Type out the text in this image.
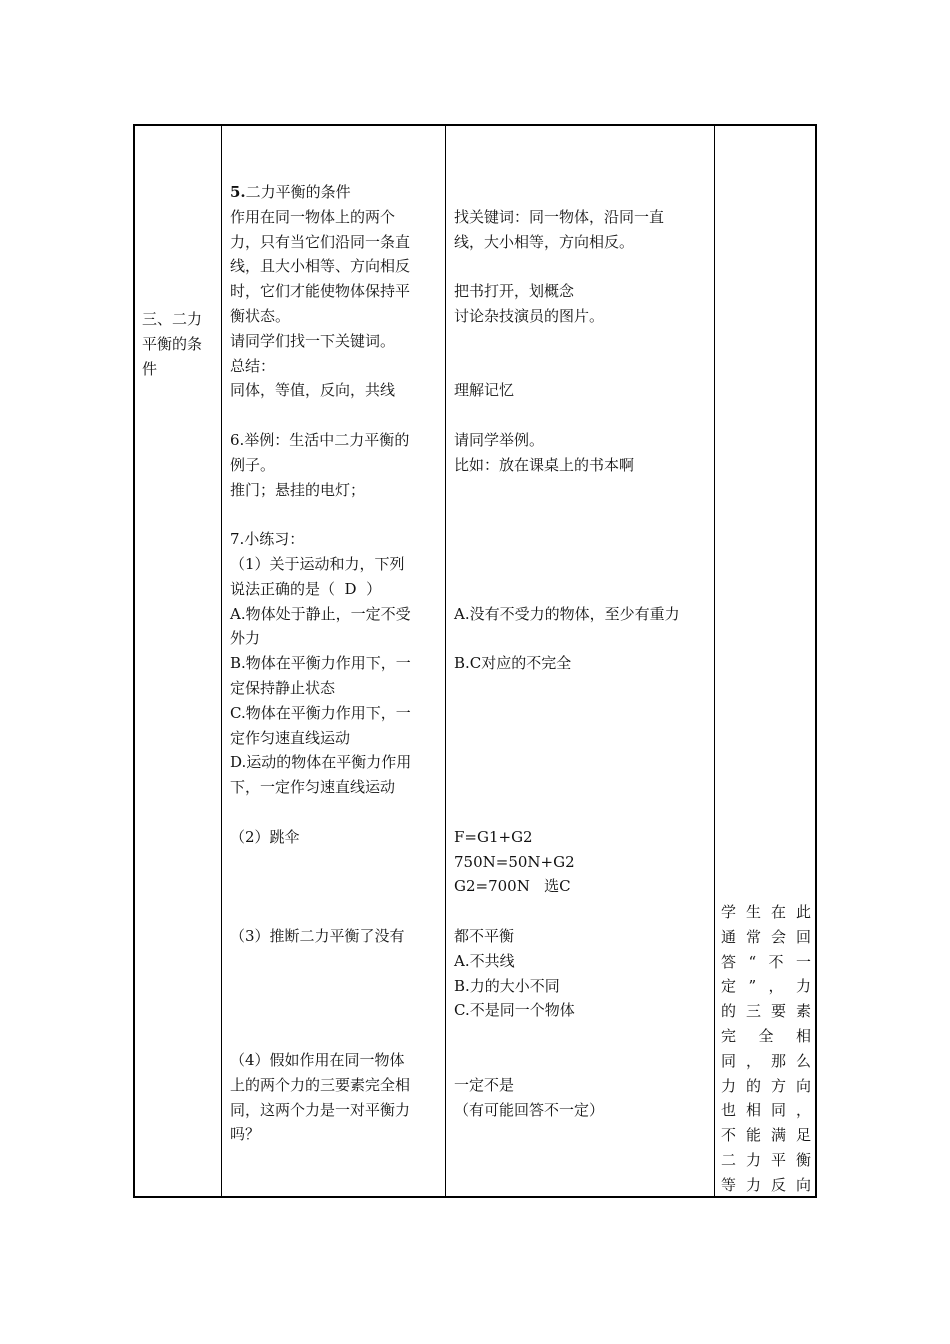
三、二力
平衡的条
件
5.二力平衡的条件
作用在同一物体上的两个
力，只有当它们沿同一条直
线，且大小相等、方向相反
时，它们才能使物体保持平
衡状态。
请同学们找一下关键词。
总结：
同体，等值，反向，共线
6.举例：生活中二力平衡的
例子。
推门；悬挂的电灯；
7.小练习：
（1）关于运动和力，下列
说法正确的是（  D  ）
A.物体处于静止，一定不受
外力
B.物体在平衡力作用下，一
定保持静止状态
C.物体在平衡力作用下，一
定作匀速直线运动
D.运动的物体在平衡力作用
下，一定作匀速直线运动
（2）跳伞
（3）推断二力平衡了没有
（4）假如作用在同一物体
上的两个力的三要素完全相
同，这两个力是一对平衡力
吗？
找关键词：同一物体，沿同一直
线，大小相等，方向相反。
把书打开，划概念
讨论杂技演员的图片。
理解记忆
请同学举例。
比如：放在课桌上的书本啊
A.没有不受力的物体，至少有重力
B.C对应的不完全
F=G1+G2
750N=50N+G2
G2=700N   选C
都不平衡
A.不共线
B.力的大小不同
C.不是同一个物体
一定不是
（有可能回答不一定）
学生在此
通常会回
答“不一
定”，力
的三要素
完全相
同，那么
力的方向
也相同，
不能满足
二力平衡
等力反向
